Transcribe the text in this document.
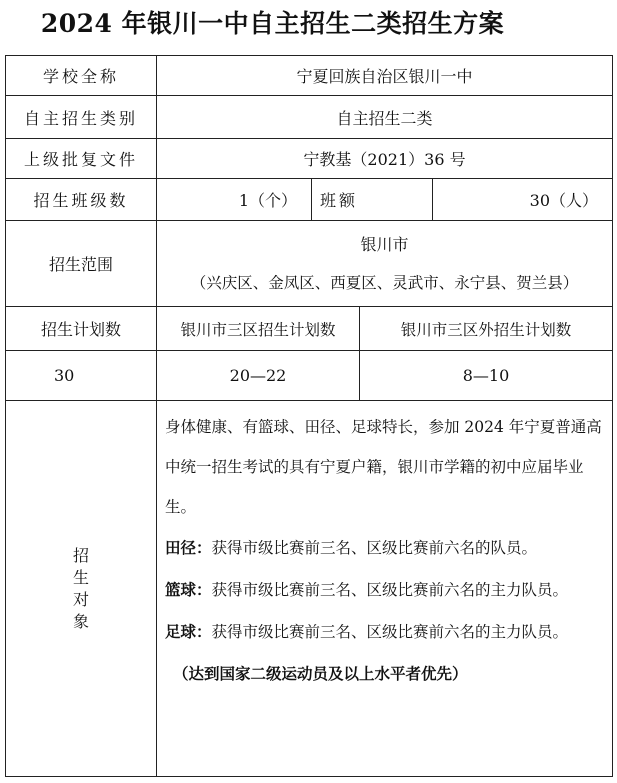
2024 年银川一中自主招生二类招生方案
学校全称	宁夏回族自治区银川一中			
自主招生类别	自主招生二类			
上级批复文件	宁教基（2021）36 号			
招生班级数	1（个）	班额		30（人）
招生范围	银川市
（兴庆区、金凤区、西夏区、灵武市、永宁县、贺兰县）			

招生计划数	银川市三区招生计划数		银川市三区外招生计划数	
30	20—22		8—10	
招生对象	身体健康、有篮球、田径、足球特长，参加 2024 年宁夏普通高中统一招生考试的具有宁夏户籍，银川市学籍的初中应届毕业生。

田径：获得市级比赛前三名、区级比赛前六名的队员。

篮球：获得市级比赛前三名、区级比赛前六名的主力队员。

足球：获得市级比赛前三名、区级比赛前六名的主力队员。

（达到国家二级运动员及以上水平者优先）			
